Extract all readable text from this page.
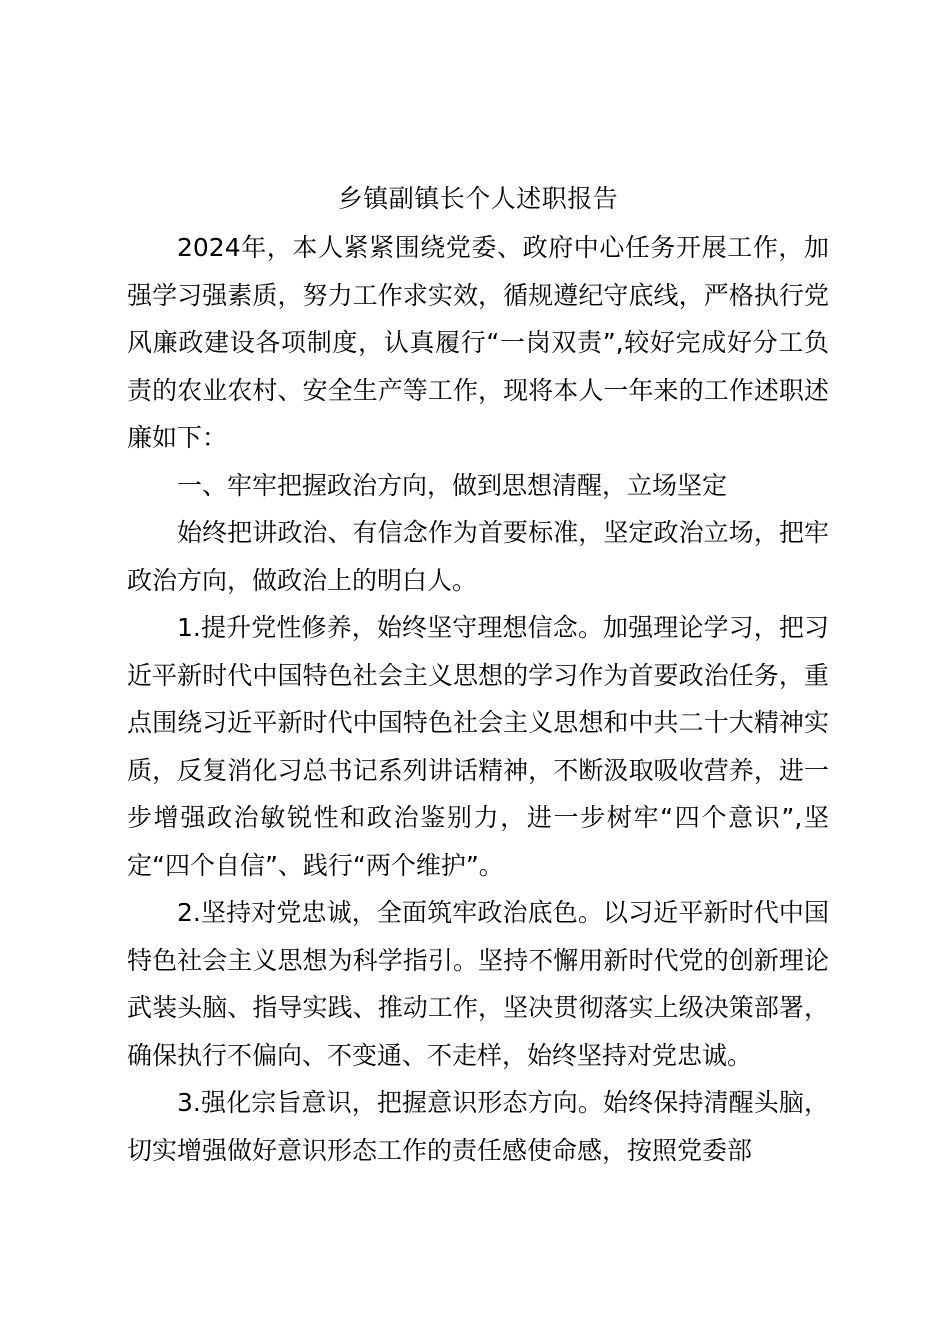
乡镇副镇长个人述职报告

2024年，本人紧紧围绕党委、政府中心任务开展工作，加强学习强素质，努力工作求实效，循规遵纪守底线，严格执行党风廉政建设各项制度，认真履行“一岗双责”,较好完成好分工负责的农业农村、安全生产等工作，现将本人一年来的工作述职述廉如下：

一、牢牢把握政治方向，做到思想清醒，立场坚定

始终把讲政治、有信念作为首要标准，坚定政治立场，把牢政治方向，做政治上的明白人。

1.提升党性修养，始终坚守理想信念。加强理论学习，把习近平新时代中国特色社会主义思想的学习作为首要政治任务，重点围绕习近平新时代中国特色社会主义思想和中共二十大精神实质，反复消化习总书记系列讲话精神，不断汲取吸收营养，进一步增强政治敏锐性和政治鉴别力，进一步树牢“四个意识”,坚定“四个自信”、践行“两个维护”。

2.坚持对党忠诚，全面筑牢政治底色。以习近平新时代中国特色社会主义思想为科学指引。坚持不懈用新时代党的创新理论武装头脑、指导实践、推动工作，坚决贯彻落实上级决策部署，确保执行不偏向、不变通、不走样，始终坚持对党忠诚。

3.强化宗旨意识，把握意识形态方向。始终保持清醒头脑，切实增强做好意识形态工作的责任感使命感，按照党委部
